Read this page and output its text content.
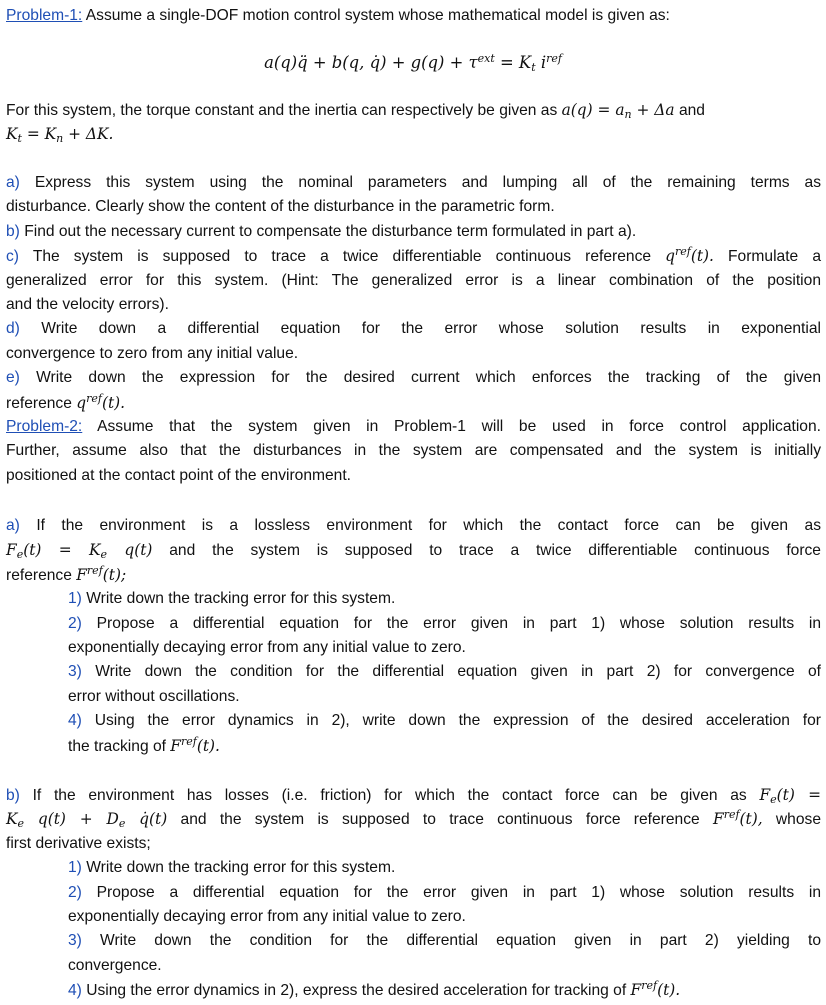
Problem-1: Assume a single-DOF motion control system whose mathematical model is given as:
a(q)q̈ + b(q, q̇) + $g(q) + \tau^{ext} = K_t$ $i^{ref}$
For this system, the torque constant and the inertia can respectively be given as $a(q) = a_n + \Delta a$ and
$K_t = K_n + \Delta K$.
a) Express this system using the nominal parameters and lumping all of the remaining terms as
disturbance. Clearly show the content of the disturbance in the parametric form.
b) Find out the necessary current to compensate the disturbance term formulated in part a).
c) The system is supposed to trace a twice differentiable continuous reference $q^{ref}(t)$. Formulate a
generalized error for this system. (Hint: The generalized error is a linear combination of the position
and the velocity errors).
d) Write down a differential equation for the error whose solution results in exponential
convergence to zero from any initial value.
e) Write down the expression for the desired current which enforces the tracking of the given
reference $q^{ref}(t)$.
Problem-2: Assume that the system given in Problem-1 will be used in force control application.
Further, assume also that the disturbances in the system are compensated and the system is initially
positioned at the contact point of the environment.
a) If the environment is a lossless environment for which the contact force can be given as
$F_e(t) = K_e$ q(t) and the system is supposed to trace a twice differentiable continuous force
reference $F^{ref}(t)$;
1) Write down the tracking error for this system.
2) Propose a differential equation for the error given in part 1) whose solution results in
exponentially decaying error from any initial value to zero.
3) Write down the condition for the differential equation given in part 2) for convergence of
error without oscillations.
4) Using the error dynamics in 2), write down the expression of the desired acceleration for
the tracking of $F^{ref}(t)$.
b) If the environment has losses (i.e. friction) for which the contact force can be given as $F_e(t)$ =
$K_e$ $q(t) + D_e$ q̇(t) and the system is supposed to trace continuous force reference $F^{ref}(t)$, whose
first derivative exists;
1) Write down the tracking error for this system.
2) Propose a differential equation for the error given in part 1) whose solution results in
exponentially decaying error from any initial value to zero.
3) Write down the condition for the differential equation given in part 2) yielding to
convergence.
4) Using the error dynamics in 2), express the desired acceleration for tracking of $F^{ref}(t)$.
